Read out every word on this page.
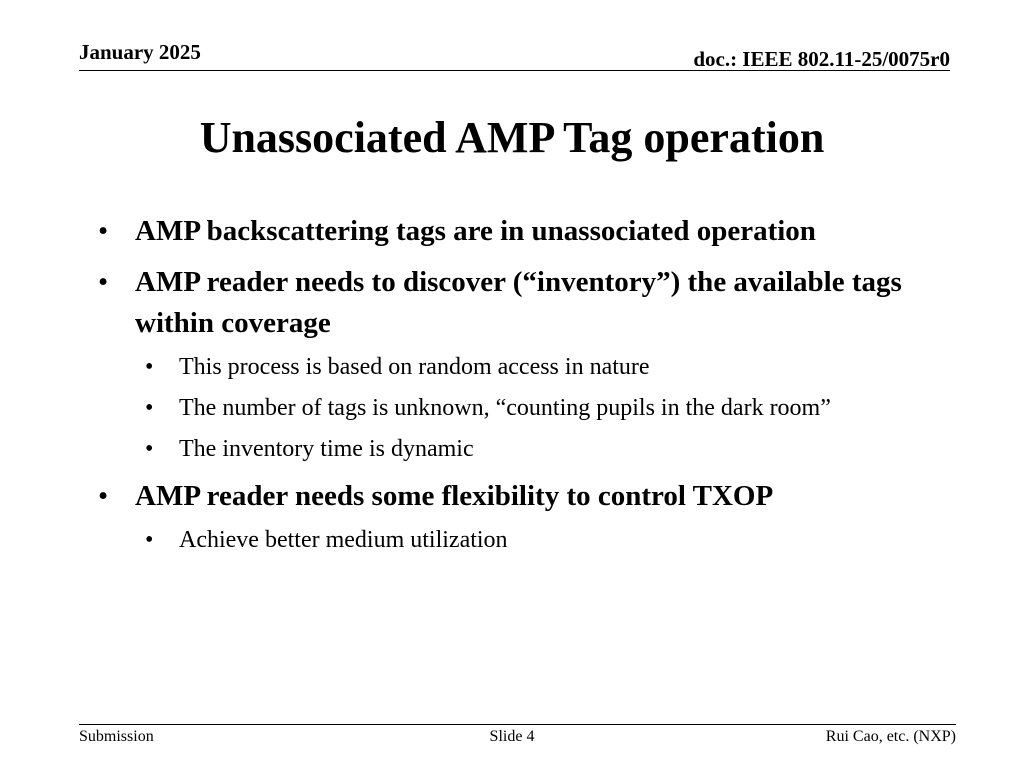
January 2025	doc.: IEEE 802.11-25/0075r0
Unassociated AMP Tag operation
• AMP backscattering tags are in unassociated operation
• AMP reader needs to discover (“inventory”) the available tags within coverage
• This process is based on random access in nature
• The number of tags is unknown, “counting pupils in the dark room”
• The inventory time is dynamic
• AMP reader needs some flexibility to control TXOP
• Achieve better medium utilization
Submission	Slide 4	Rui Cao, etc. (NXP)
